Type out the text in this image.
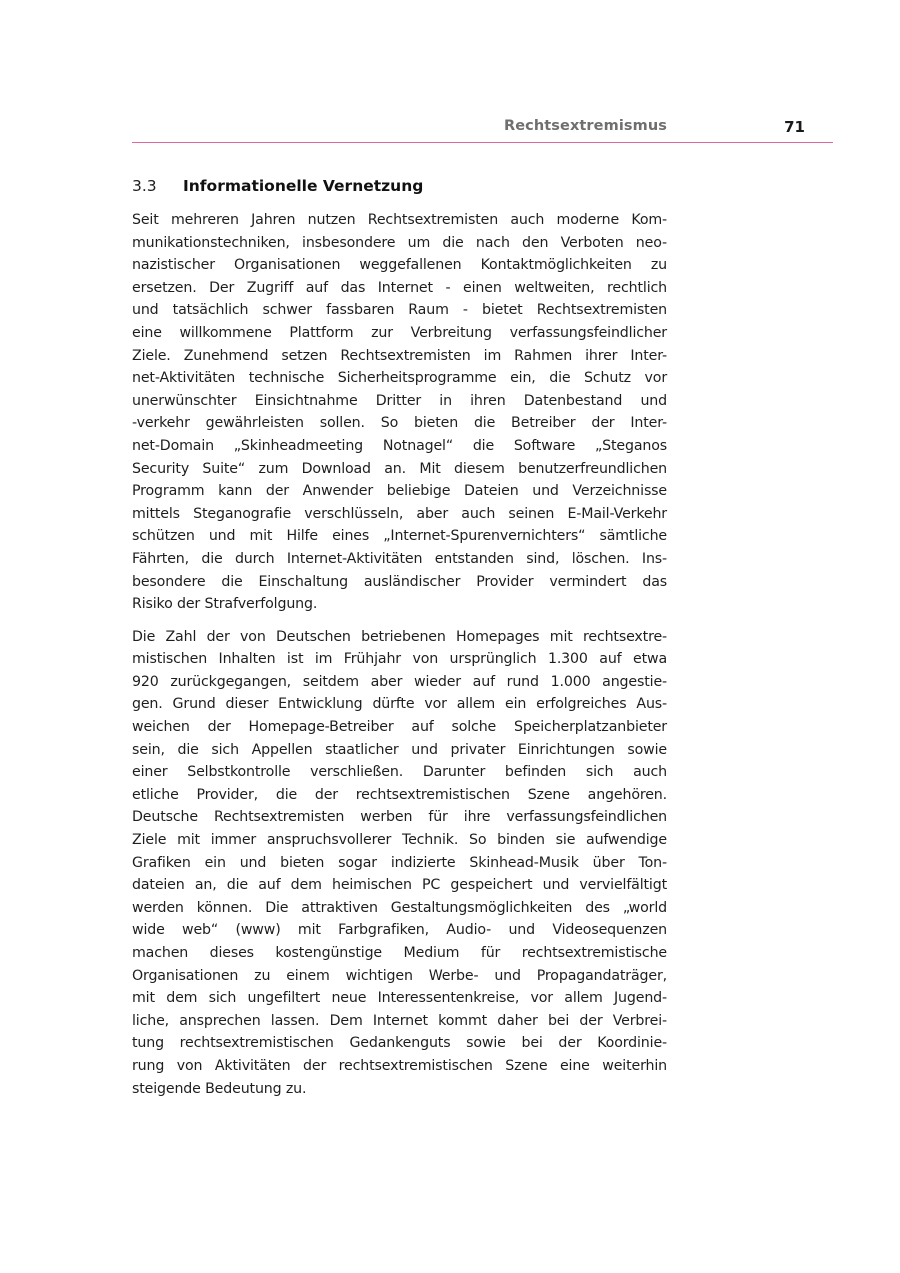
Rechtsextremismus	71
3.3 Informationelle Vernetzung

Seit mehreren Jahren nutzen Rechtsextremisten auch moderne Kom-
munikationstechniken, insbesondere um die nach den Verboten neo-
nazistischer Organisationen weggefallenen Kontaktmöglichkeiten zu
ersetzen. Der Zugriff auf das Internet - einen weltweiten, rechtlich
und tatsächlich schwer fassbaren Raum - bietet Rechtsextremisten
eine willkommene Plattform zur Verbreitung verfassungsfeindlicher
Ziele. Zunehmend setzen Rechtsextremisten im Rahmen ihrer Inter-
net-Aktivitäten technische Sicherheitsprogramme ein, die Schutz vor
unerwünschter Einsichtnahme Dritter in ihren Datenbestand und
-verkehr gewährleisten sollen. So bieten die Betreiber der Inter-
net-Domain „Skinheadmeeting Notnagel“ die Software „Steganos
Security Suite“ zum Download an. Mit diesem benutzerfreundlichen
Programm kann der Anwender beliebige Dateien und Verzeichnisse
mittels Steganografie verschlüsseln, aber auch seinen E-Mail-Verkehr
schützen und mit Hilfe eines „Internet-Spurenvernichters“ sämtliche
Fährten, die durch Internet-Aktivitäten entstanden sind, löschen. Ins-
besondere die Einschaltung ausländischer Provider vermindert das
Risiko der Strafverfolgung.

Die Zahl der von Deutschen betriebenen Homepages mit rechtsextre-
mistischen Inhalten ist im Frühjahr von ursprünglich 1.300 auf etwa
920 zurückgegangen, seitdem aber wieder auf rund 1.000 angestie-
gen. Grund dieser Entwicklung dürfte vor allem ein erfolgreiches Aus-
weichen der Homepage-Betreiber auf solche Speicherplatzanbieter
sein, die sich Appellen staatlicher und privater Einrichtungen sowie
einer Selbstkontrolle verschließen. Darunter befinden sich auch
etliche Provider, die der rechtsextremistischen Szene angehören.
Deutsche Rechtsextremisten werben für ihre verfassungsfeindlichen
Ziele mit immer anspruchsvollerer Technik. So binden sie aufwendige
Grafiken ein und bieten sogar indizierte Skinhead-Musik über Ton-
dateien an, die auf dem heimischen PC gespeichert und vervielfältigt
werden können. Die attraktiven Gestaltungsmöglichkeiten des „world
wide web“ (www) mit Farbgrafiken, Audio- und Videosequenzen
machen dieses kostengünstige Medium für rechtsextremistische
Organisationen zu einem wichtigen Werbe- und Propagandaträger,
mit dem sich ungefiltert neue Interessentenkreise, vor allem Jugend-
liche, ansprechen lassen. Dem Internet kommt daher bei der Verbrei-
tung rechtsextremistischen Gedankenguts sowie bei der Koordinie-
rung von Aktivitäten der rechtsextremistischen Szene eine weiterhin
steigende Bedeutung zu.
